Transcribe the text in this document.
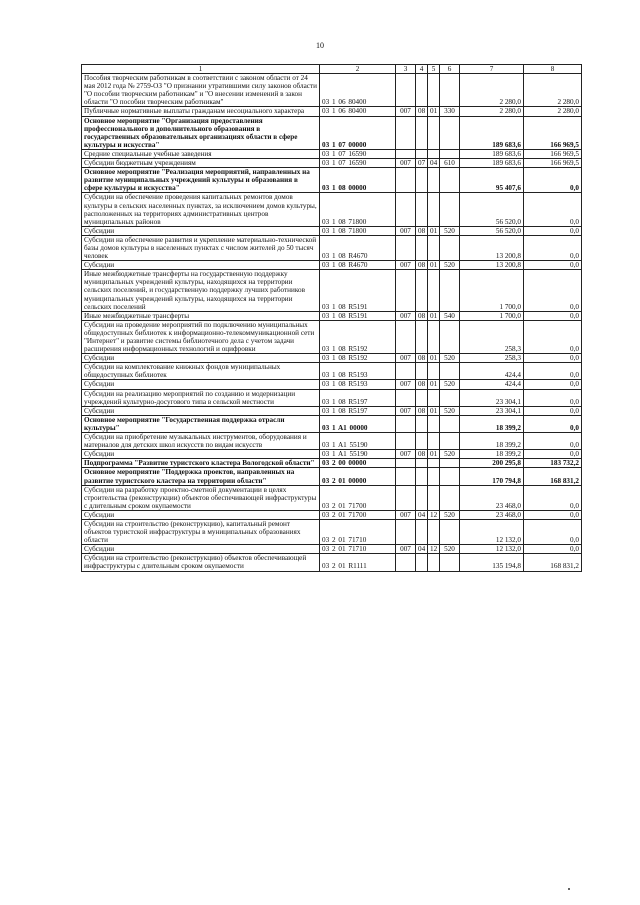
10
1	2	3	4	5	6	7	8
Пособия творческим работникам в соответствии с законом области от 24 мая 2012 года № 2759-ОЗ "О признании утратившими силу законов области "О пособии творческим работникам" и "О внесении изменений в закон области "О пособии творческим работникам"	03 1 06 80400					2 280,0	2 280,0
Публичные нормативные выплаты гражданам несоциального характера	03 1 06 80400	007	08	01	330	2 280,0	2 280,0
Основное мероприятие "Организация предоставления профессионального и дополнительного образования в государственных образовательных организациях области в сфере культуры и искусства"	03 1 07 00000					189 683,6	166 969,5
Средние специальные учебные заведения	03 1 07 16590					189 683,6	166 969,5
Субсидии бюджетным учреждениям	03 1 07 16590	007	07	04	610	189 683,6	166 969,5
Основное мероприятие "Реализация мероприятий, направленных на развитие муниципальных учреждений культуры и образования в сфере культуры и искусства"	03 1 08 00000					95 407,6	0,0
Субсидии на обеспечение проведения капитальных ремонтов домов культуры в сельских населенных пунктах, за исключением домов культуры, расположенных на территориях административных центров муниципальных районов	03 1 08 71800					56 520,0	0,0
Субсидии	03 1 08 71800	007	08	01	520	56 520,0	0,0
Субсидии на обеспечение развития и укрепление материально-технической базы домов культуры в населенных пунктах с числом жителей до 50 тысяч человек	03 1 08 R4670					13 200,8	0,0
Субсидии	03 1 08 R4670	007	08	01	520	13 200,8	0,0
Иные межбюджетные трансферты на государственную поддержку муниципальных учреждений культуры, находящихся на территории сельских поселений, и государственную поддержку лучших работников муниципальных учреждений культуры, находящихся на территории сельских поселений	03 1 08 R5191					1 700,0	0,0
Иные межбюджетные трансферты	03 1 08 R5191	007	08	01	540	1 700,0	0,0
Субсидии на проведение мероприятий по подключению муниципальных общедоступных библиотек к информационно-телекоммуникационной сети "Интернет" и развитие системы библиотечного дела с учетом задачи расширения информационных технологий и оцифровки	03 1 08 R5192					258,3	0,0
Субсидии	03 1 08 R5192	007	08	01	520	258,3	0,0
Субсидии на комплектование книжных фондов муниципальных общедоступных библиотек	03 1 08 R5193					424,4	0,0
Субсидии	03 1 08 R5193	007	08	01	520	424,4	0,0
Субсидии на реализацию мероприятий по созданию и модернизации учреждений культурно-досугового типа в сельской местности	03 1 08 R5197					23 304,1	0,0
Субсидии	03 1 08 R5197	007	08	01	520	23 304,1	0,0
Основное мероприятие "Государственная поддержка отрасли культуры"	03 1 A1 00000					18 399,2	0,0
Субсидии на приобретение музыкальных инструментов, оборудования и материалов для детских школ искусств по видам искусств	03 1 A1 55190					18 399,2	0,0
Субсидии	03 1 A1 55190	007	08	01	520	18 399,2	0,0
Подпрограмма "Развитие туристского кластера Вологодской области"	03 2 00 00000					200 295,8	183 732,2
Основное мероприятие "Поддержка проектов, направленных на развитие туристского кластера на территории области"	03 2 01 00000					170 794,8	168 831,2
Субсидии на разработку проектно-сметной документации в целях строительства (реконструкции) объектов обеспечивающей инфраструктуры с длительным сроком окупаемости	03 2 01 71700					23 468,0	0,0
Субсидии	03 2 01 71700	007	04	12	520	23 468,0	0,0
Субсидии на строительство (реконструкцию), капитальный ремонт объектов туристской инфраструктуры в муниципальных образованиях области	03 2 01 71710					12 132,0	0,0
Субсидии	03 2 01 71710	007	04	12	520	12 132,0	0,0
Субсидии на строительство (реконструкцию) объектов обеспечивающей инфраструктуры с длительным сроком окупаемости	03 2 01 R1111					135 194,8	168 831,2
